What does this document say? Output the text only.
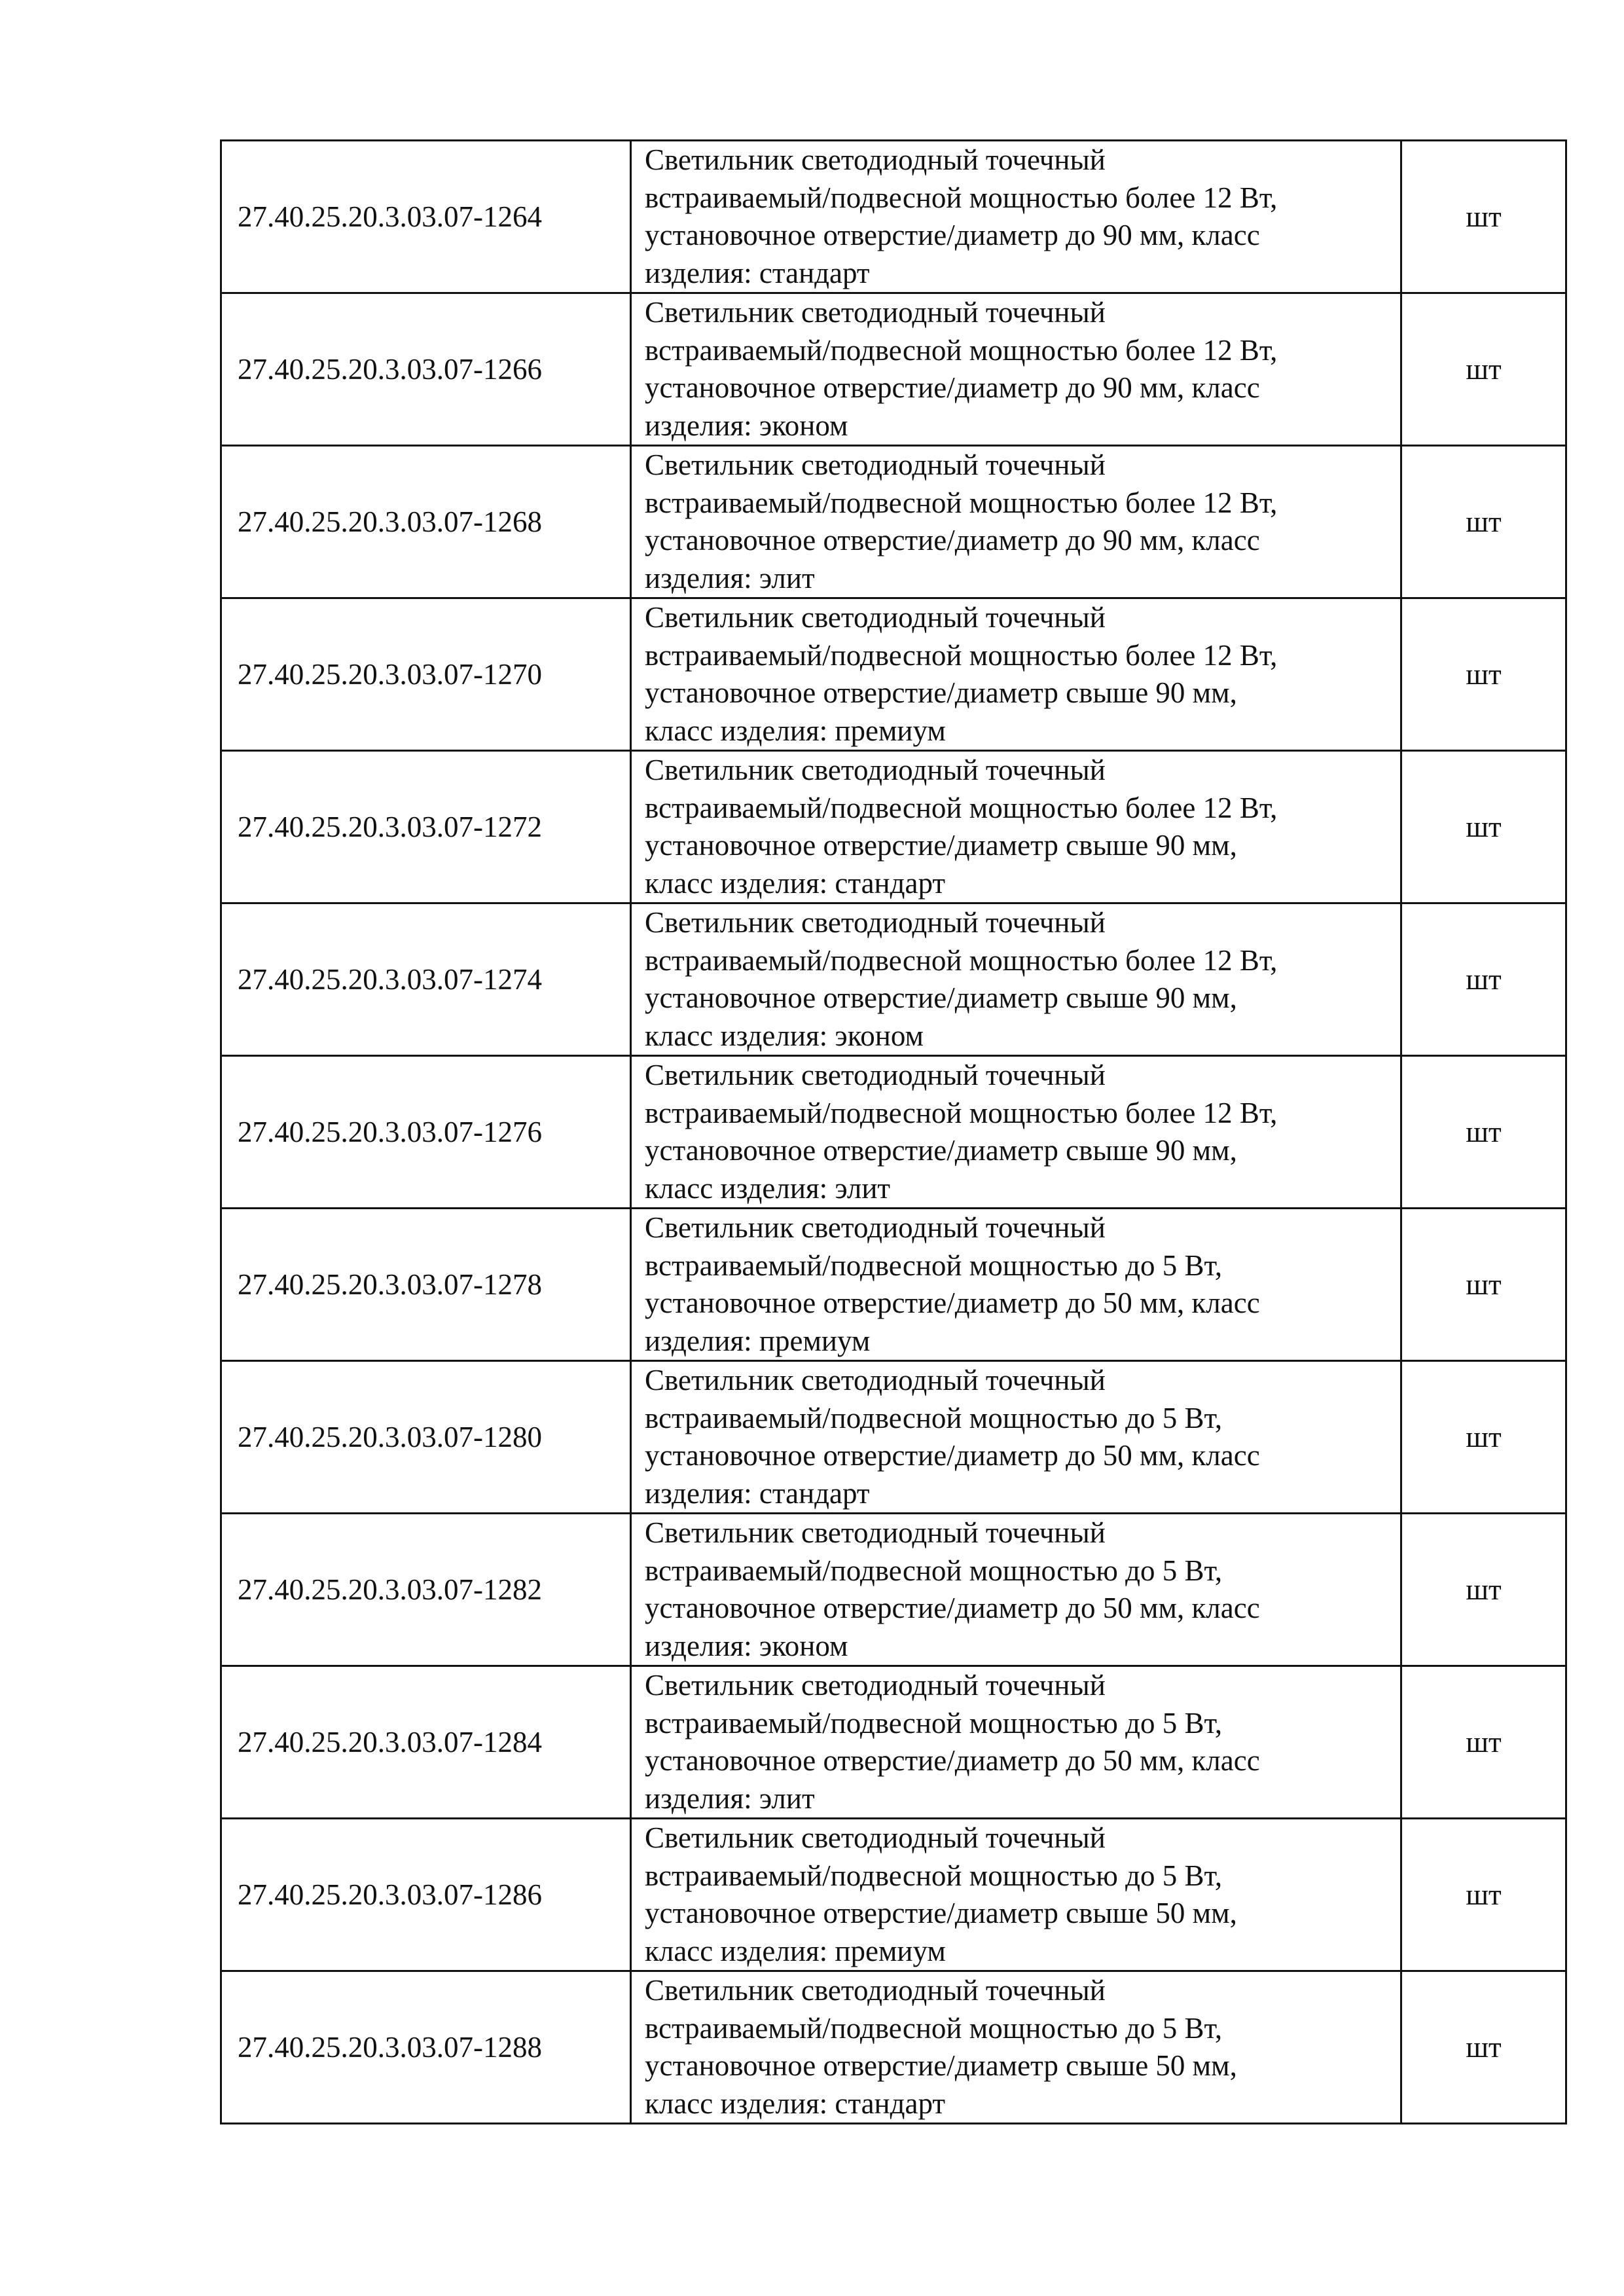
27.40.25.20.3.03.07-1264	Светильник светодиодный точечный
встраиваемый/подвесной мощностью более 12 Вт,
установочное отверстие/диаметр до 90 мм, класс
изделия: стандарт	шт
27.40.25.20.3.03.07-1266	Светильник светодиодный точечный
встраиваемый/подвесной мощностью более 12 Вт,
установочное отверстие/диаметр до 90 мм, класс
изделия: эконом	шт
27.40.25.20.3.03.07-1268	Светильник светодиодный точечный
встраиваемый/подвесной мощностью более 12 Вт,
установочное отверстие/диаметр до 90 мм, класс
изделия: элит	шт
27.40.25.20.3.03.07-1270	Светильник светодиодный точечный
встраиваемый/подвесной мощностью более 12 Вт,
установочное отверстие/диаметр свыше 90 мм,
класс изделия: премиум	шт
27.40.25.20.3.03.07-1272	Светильник светодиодный точечный
встраиваемый/подвесной мощностью более 12 Вт,
установочное отверстие/диаметр свыше 90 мм,
класс изделия: стандарт	шт
27.40.25.20.3.03.07-1274	Светильник светодиодный точечный
встраиваемый/подвесной мощностью более 12 Вт,
установочное отверстие/диаметр свыше 90 мм,
класс изделия: эконом	шт
27.40.25.20.3.03.07-1276	Светильник светодиодный точечный
встраиваемый/подвесной мощностью более 12 Вт,
установочное отверстие/диаметр свыше 90 мм,
класс изделия: элит	шт
27.40.25.20.3.03.07-1278	Светильник светодиодный точечный
встраиваемый/подвесной мощностью до 5 Вт,
установочное отверстие/диаметр до 50 мм, класс
изделия: премиум	шт
27.40.25.20.3.03.07-1280	Светильник светодиодный точечный
встраиваемый/подвесной мощностью до 5 Вт,
установочное отверстие/диаметр до 50 мм, класс
изделия: стандарт	шт
27.40.25.20.3.03.07-1282	Светильник светодиодный точечный
встраиваемый/подвесной мощностью до 5 Вт,
установочное отверстие/диаметр до 50 мм, класс
изделия: эконом	шт
27.40.25.20.3.03.07-1284	Светильник светодиодный точечный
встраиваемый/подвесной мощностью до 5 Вт,
установочное отверстие/диаметр до 50 мм, класс
изделия: элит	шт
27.40.25.20.3.03.07-1286	Светильник светодиодный точечный
встраиваемый/подвесной мощностью до 5 Вт,
установочное отверстие/диаметр свыше 50 мм,
класс изделия: премиум	шт
27.40.25.20.3.03.07-1288	Светильник светодиодный точечный
встраиваемый/подвесной мощностью до 5 Вт,
установочное отверстие/диаметр свыше 50 мм,
класс изделия: стандарт	шт
